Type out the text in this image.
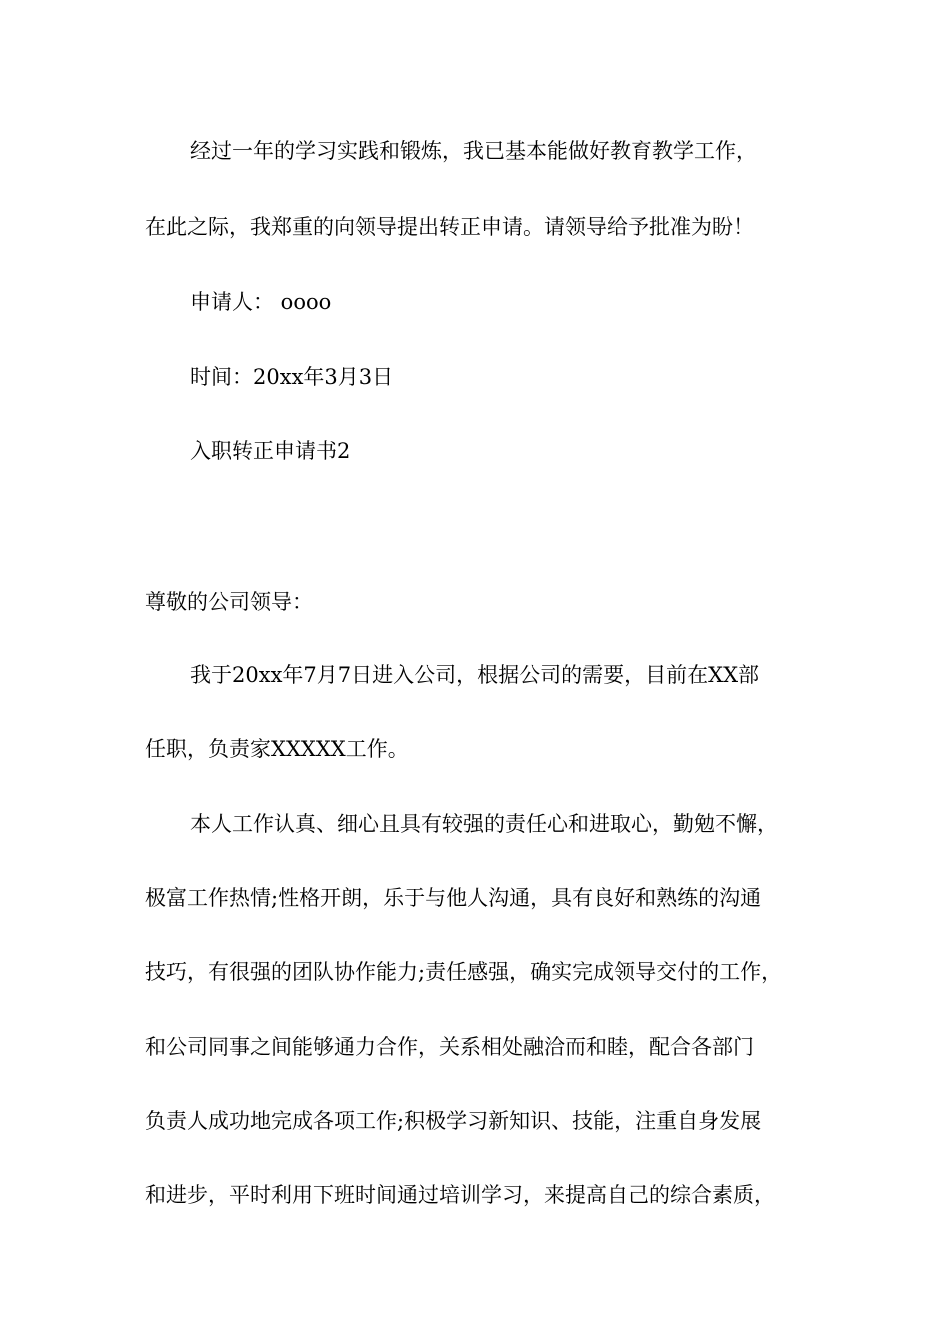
经过一年的学习实践和锻炼，我已基本能做好教育教学工作，
在此之际，我郑重的向领导提出转正申请。请领导给予批准为盼！
申请人： oooo
时间：20xx年3月3日
入职转正申请书2
尊敬的公司领导：
我于20xx年7月7日进入公司，根据公司的需要，目前在XX部
任职，负责家XXXXX工作。
本人工作认真、细心且具有较强的责任心和进取心，勤勉不懈，
极富工作热情;性格开朗，乐于与他人沟通，具有良好和熟练的沟通
技巧，有很强的团队协作能力;责任感强，确实完成领导交付的工作，
和公司同事之间能够通力合作，关系相处融洽而和睦，配合各部门
负责人成功地完成各项工作;积极学习新知识、技能，注重自身发展
和进步，平时利用下班时间通过培训学习，来提高自己的综合素质，
